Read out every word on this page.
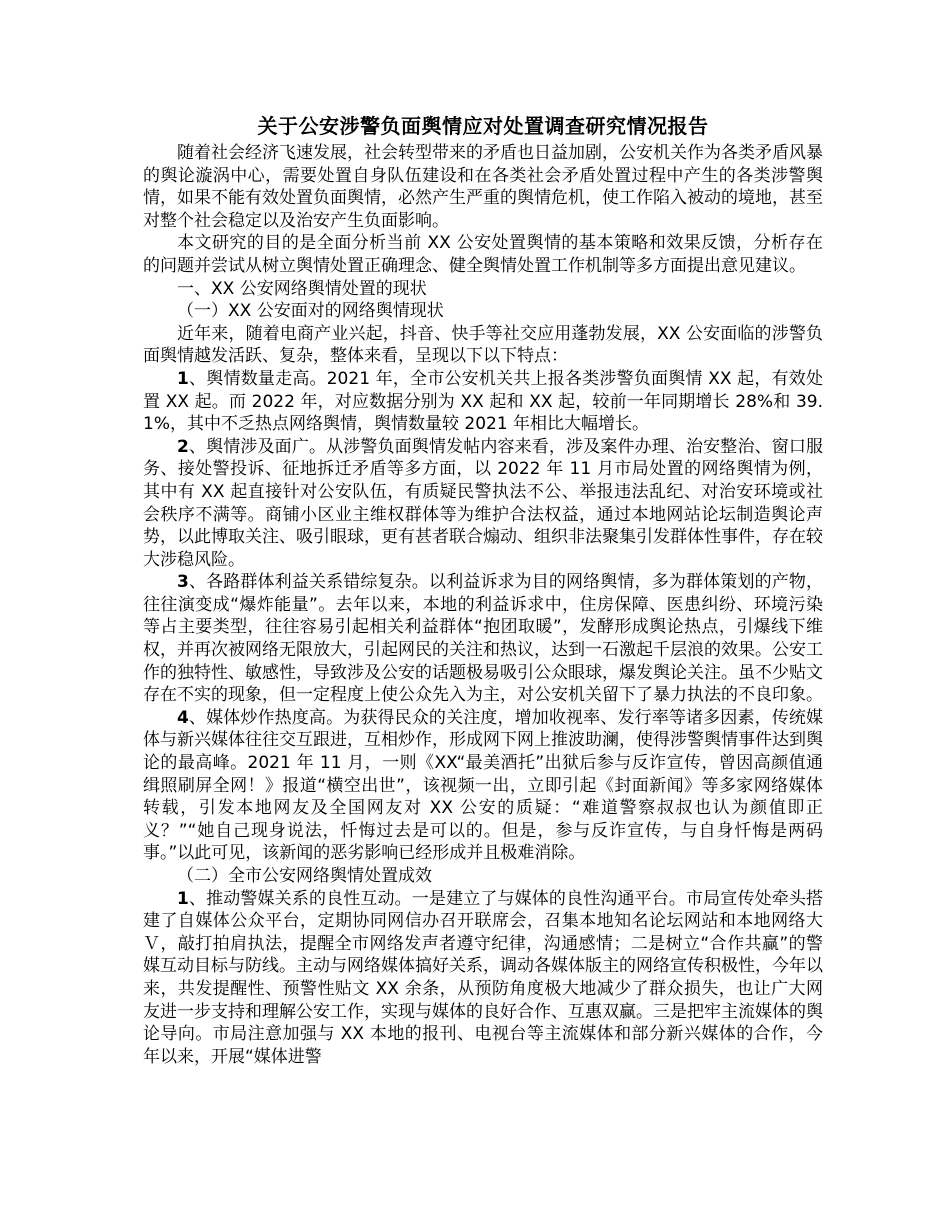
关于公安涉警负面舆情应对处置调查研究情况报告

随着社会经济飞速发展，社会转型带来的矛盾也日益加剧，公安机关作为各类矛盾风暴的舆论漩涡中心，需要处置自身队伍建设和在各类社会矛盾处置过程中产生的各类涉警舆情，如果不能有效处置负面舆情，必然产生严重的舆情危机，使工作陷入被动的境地，甚至对整个社会稳定以及治安产生负面影响。

本文研究的目的是全面分析当前 XX 公安处置舆情的基本策略和效果反馈，分析存在的问题并尝试从树立舆情处置正确理念、健全舆情处置工作机制等多方面提出意见建议。

一、XX 公安网络舆情处置的现状

（一）XX 公安面对的网络舆情现状

近年来，随着电商产业兴起，抖音、快手等社交应用蓬勃发展，XX 公安面临的涉警负面舆情越发活跃、复杂，整体来看，呈现以下以下特点：

1、舆情数量走高。2021 年，全市公安机关共上报各类涉警负面舆情 XX 起，有效处置 XX 起。而 2022 年，对应数据分别为 XX 起和 XX 起，较前一年同期增长 28%和 39.1%，其中不乏热点网络舆情，舆情数量较 2021 年相比大幅增长。

2、舆情涉及面广。从涉警负面舆情发帖内容来看，涉及案件办理、治安整治、窗口服务、接处警投诉、征地拆迁矛盾等多方面，以 2022 年 11 月市局处置的网络舆情为例，其中有 XX 起直接针对公安队伍，有质疑民警执法不公、举报违法乱纪、对治安环境或社会秩序不满等。商铺小区业主维权群体等为维护合法权益，通过本地网站论坛制造舆论声势，以此博取关注、吸引眼球，更有甚者联合煽动、组织非法聚集引发群体性事件，存在较大涉稳风险。

3、各路群体利益关系错综复杂。以利益诉求为目的网络舆情，多为群体策划的产物，往往演变成“爆炸能量”。去年以来，本地的利益诉求中，住房保障、医患纠纷、环境污染等占主要类型，往往容易引起相关利益群体“抱团取暖”，发酵形成舆论热点，引爆线下维权，并再次被网络无限放大，引起网民的关注和热议，达到一石激起千层浪的效果。公安工作的独特性、敏感性，导致涉及公安的话题极易吸引公众眼球，爆发舆论关注。虽不少贴文存在不实的现象，但一定程度上使公众先入为主，对公安机关留下了暴力执法的不良印象。

4、媒体炒作热度高。为获得民众的关注度，增加收视率、发行率等诸多因素，传统媒体与新兴媒体往往交互跟进，互相炒作，形成网下网上推波助澜，使得涉警舆情事件达到舆论的最高峰。2021 年 11 月，一则《XX“最美酒托”出狱后参与反诈宣传，曾因高颜值通缉照刷屏全网！》报道“横空出世”，该视频一出，立即引起《封面新闻》等多家网络媒体转载，引发本地网友及全国网友对 XX 公安的质疑：“难道警察叔叔也认为颜值即正义？”“她自己现身说法，忏悔过去是可以的。但是，参与反诈宣传，与自身忏悔是两码事。”以此可见，该新闻的恶劣影响已经形成并且极难消除。

（二）全市公安网络舆情处置成效

1、推动警媒关系的良性互动。一是建立了与媒体的良性沟通平台。市局宣传处牵头搭建了自媒体公众平台，定期协同网信办召开联席会，召集本地知名论坛网站和本地网络大Ｖ，敲打拍肩执法，提醒全市网络发声者遵守纪律，沟通感情；二是树立“合作共赢”的警媒互动目标与防线。主动与网络媒体搞好关系，调动各媒体版主的网络宣传积极性，今年以来，共发提醒性、预警性贴文 XX 余条，从预防角度极大地减少了群众损失，也让广大网友进一步支持和理解公安工作，实现与媒体的良好合作、互惠双赢。三是把牢主流媒体的舆论导向。市局注意加强与 XX 本地的报刊、电视台等主流媒体和部分新兴媒体的合作，今年以来，开展“媒体进警
